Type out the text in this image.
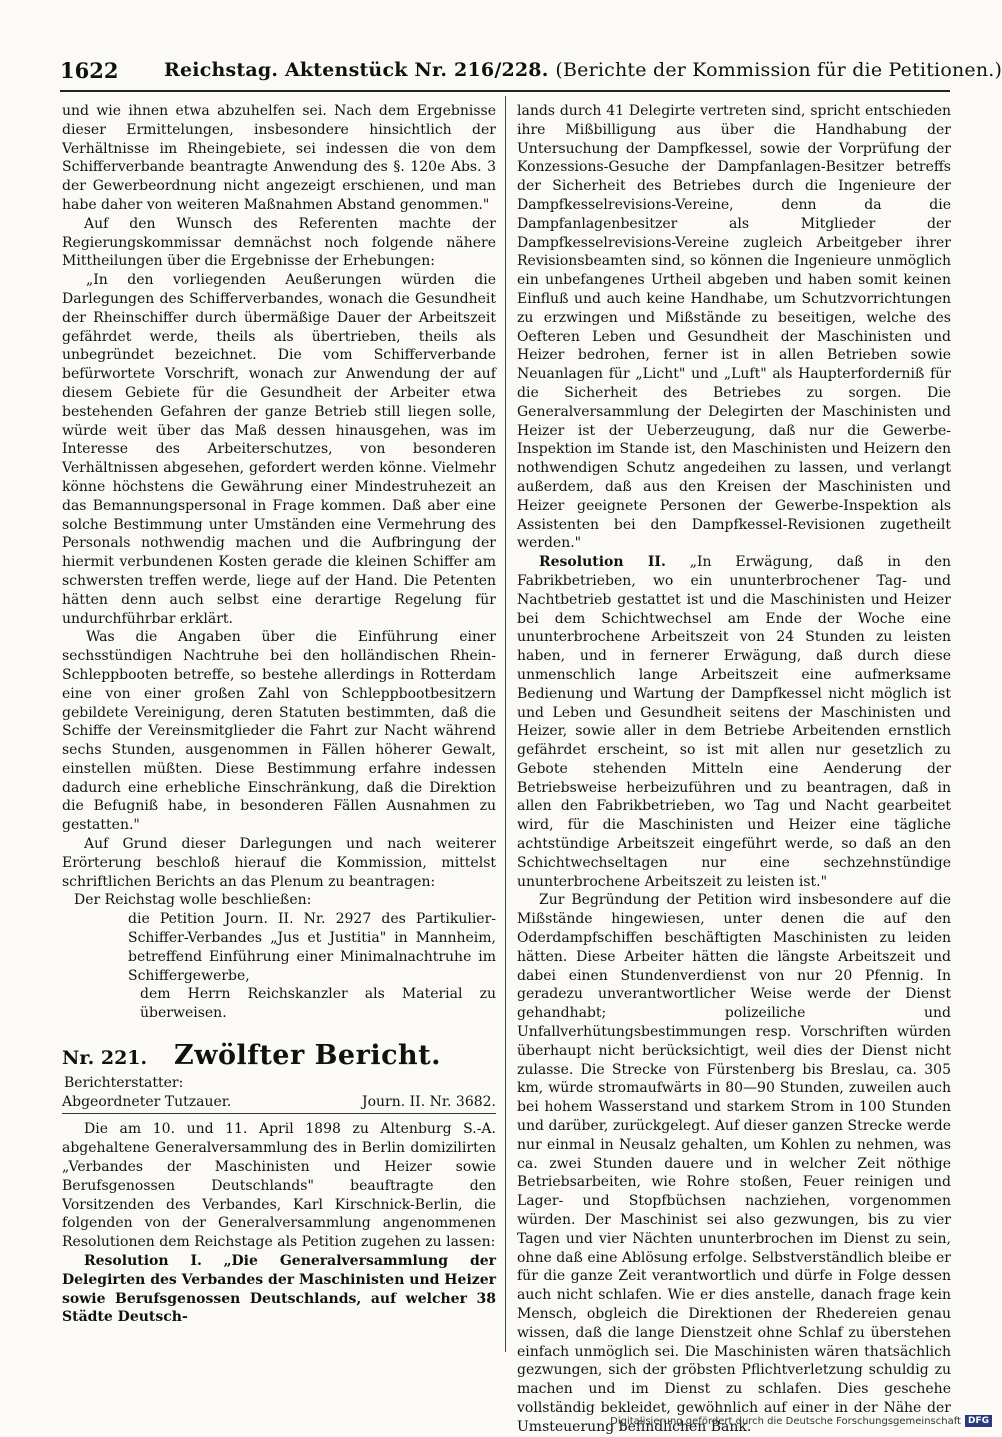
1622 Reichstag. Aktenstück Nr. 216/228. (Berichte der Kommission für die Petitionen.)

und wie ihnen etwa abzuhelfen sei. Nach dem Ergebnisse dieser Ermittelungen, insbesondere hinsichtlich der Verhältnisse im Rheingebiete, sei indessen die von dem Schifferverbande beantragte Anwendung des §. 120e Abs. 3 der Gewerbeordnung nicht angezeigt erschienen, und man habe daher von weiteren Maßnahmen Abstand genommen."

Auf den Wunsch des Referenten machte der Regierungskommissar demnächst noch folgende nähere Mittheilungen über die Ergebnisse der Erhebungen:

„In den vorliegenden Aeußerungen würden die Darlegungen des Schifferverbandes, wonach die Gesundheit der Rheinschiffer durch übermäßige Dauer der Arbeitszeit gefährdet werde, theils als übertrieben, theils als unbegründet bezeichnet. Die vom Schifferverbande befürwortete Vorschrift, wonach zur Anwendung der auf diesem Gebiete für die Gesundheit der Arbeiter etwa bestehenden Gefahren der ganze Betrieb still liegen solle, würde weit über das Maß dessen hinausgehen, was im Interesse des Arbeiterschutzes, von besonderen Verhältnissen abgesehen, gefordert werden könne. Vielmehr könne höchstens die Gewährung einer Mindestruhezeit an das Bemannungspersonal in Frage kommen. Daß aber eine solche Bestimmung unter Umständen eine Vermehrung des Personals nothwendig machen und die Aufbringung der hiermit verbundenen Kosten gerade die kleinen Schiffer am schwersten treffen werde, liege auf der Hand. Die Petenten hätten denn auch selbst eine derartige Regelung für undurchführbar erklärt.

Was die Angaben über die Einführung einer sechsstündigen Nachtruhe bei den holländischen Rhein-Schleppbooten betreffe, so bestehe allerdings in Rotterdam eine von einer großen Zahl von Schleppbootbesitzern gebildete Vereinigung, deren Statuten bestimmten, daß die Schiffe der Vereinsmitglieder die Fahrt zur Nacht während sechs Stunden, ausgenommen in Fällen höherer Gewalt, einstellen müßten. Diese Bestimmung erfahre indessen dadurch eine erhebliche Einschränkung, daß die Direktion die Befugniß habe, in besonderen Fällen Ausnahmen zu gestatten."

Auf Grund dieser Darlegungen und nach weiterer Erörterung beschloß hierauf die Kommission, mittelst schriftlichen Berichts an das Plenum zu beantragen:

Der Reichstag wolle beschließen:

die Petition Journ. II. Nr. 2927 des Partikulier-Schiffer-Verbandes „Jus et Justitia" in Mannheim, betreffend Einführung einer Minimalnachtruhe im Schiffergewerbe,

dem Herrn Reichskanzler als Material zu überweisen.

Nr. 221. Zwölfter Bericht.

Berichterstatter:

Abgeordneter Tutzauer.	Journ. II. Nr. 3682.

Die am 10. und 11. April 1898 zu Altenburg S.-A. abgehaltene Generalversammlung des in Berlin domizilirten „Verbandes der Maschinisten und Heizer sowie Berufsgenossen Deutschlands" beauftragte den Vorsitzenden des Verbandes, Karl Kirschnick-Berlin, die folgenden von der Generalversammlung angenommenen Resolutionen dem Reichstage als Petition zugehen zu lassen:

Resolution I. „Die Generalversammlung der Delegirten des Verbandes der Maschinisten und Heizer sowie Berufsgenossen Deutschlands, auf welcher 38 Städte Deutsch-

lands durch 41 Delegirte vertreten sind, spricht entschieden ihre Mißbilligung aus über die Handhabung der Untersuchung der Dampfkessel, sowie der Vorprüfung der Konzessions-Gesuche der Dampfanlagen-Besitzer betreffs der Sicherheit des Betriebes durch die Ingenieure der Dampfkesselrevisions-Vereine, denn da die Dampfanlagenbesitzer als Mitglieder der Dampfkesselrevisions-Vereine zugleich Arbeitgeber ihrer Revisionsbeamten sind, so können die Ingenieure unmöglich ein unbefangenes Urtheil abgeben und haben somit keinen Einfluß und auch keine Handhabe, um Schutzvorrichtungen zu erzwingen und Mißstände zu beseitigen, welche des Oefteren Leben und Gesundheit der Maschinisten und Heizer bedrohen, ferner ist in allen Betrieben sowie Neuanlagen für „Licht" und „Luft" als Haupterforderniß für die Sicherheit des Betriebes zu sorgen. Die Generalversammlung der Delegirten der Maschinisten und Heizer ist der Ueberzeugung, daß nur die Gewerbe-Inspektion im Stande ist, den Maschinisten und Heizern den nothwendigen Schutz angedeihen zu lassen, und verlangt außerdem, daß aus den Kreisen der Maschinisten und Heizer geeignete Personen der Gewerbe-Inspektion als Assistenten bei den Dampfkessel-Revisionen zugetheilt werden."

Resolution II. „In Erwägung, daß in den Fabrikbetrieben, wo ein ununterbrochener Tag- und Nachtbetrieb gestattet ist und die Maschinisten und Heizer bei dem Schichtwechsel am Ende der Woche eine ununterbrochene Arbeitszeit von 24 Stunden zu leisten haben, und in fernerer Erwägung, daß durch diese unmenschlich lange Arbeitszeit eine aufmerksame Bedienung und Wartung der Dampfkessel nicht möglich ist und Leben und Gesundheit seitens der Maschinisten und Heizer, sowie aller in dem Betriebe Arbeitenden ernstlich gefährdet erscheint, so ist mit allen nur gesetzlich zu Gebote stehenden Mitteln eine Aenderung der Betriebsweise herbeizuführen und zu beantragen, daß in allen den Fabrikbetrieben, wo Tag und Nacht gearbeitet wird, für die Maschinisten und Heizer eine tägliche achtstündige Arbeitszeit eingeführt werde, so daß an den Schichtwechseltagen nur eine sechzehnstündige ununterbrochene Arbeitszeit zu leisten ist."

Zur Begründung der Petition wird insbesondere auf die Mißstände hingewiesen, unter denen die auf den Oderdampfschiffen beschäftigten Maschinisten zu leiden hätten. Diese Arbeiter hätten die längste Arbeitszeit und dabei einen Stundenverdienst von nur 20 Pfennig. In geradezu unverantwortlicher Weise werde der Dienst gehandhabt; polizeiliche und Unfallverhütungsbestimmungen resp. Vorschriften würden überhaupt nicht berücksichtigt, weil dies der Dienst nicht zulasse. Die Strecke von Fürstenberg bis Breslau, ca. 305 km, würde stromaufwärts in 80—90 Stunden, zuweilen auch bei hohem Wasserstand und starkem Strom in 100 Stunden und darüber, zurückgelegt. Auf dieser ganzen Strecke werde nur einmal in Neusalz gehalten, um Kohlen zu nehmen, was ca. zwei Stunden dauere und in welcher Zeit nöthige Betriebsarbeiten, wie Rohre stoßen, Feuer reinigen und Lager- und Stopfbüchsen nachziehen, vorgenommen würden. Der Maschinist sei also gezwungen, bis zu vier Tagen und vier Nächten ununterbrochen im Dienst zu sein, ohne daß eine Ablösung erfolge. Selbstverständlich bleibe er für die ganze Zeit verantwortlich und dürfe in Folge dessen auch nicht schlafen. Wie er dies anstelle, danach frage kein Mensch, obgleich die Direktionen der Rhedereien genau wissen, daß die lange Dienstzeit ohne Schlaf zu überstehen einfach unmöglich sei. Die Maschinisten wären thatsächlich gezwungen, sich der gröbsten Pflichtverletzung schuldig zu machen und im Dienst zu schlafen. Dies geschehe vollständig bekleidet, gewöhnlich auf einer in der Nähe der Umsteuerung befindlichen Bank.

Digitalisierung gefördert durch die Deutsche Forschungsgemeinschaft DFG
